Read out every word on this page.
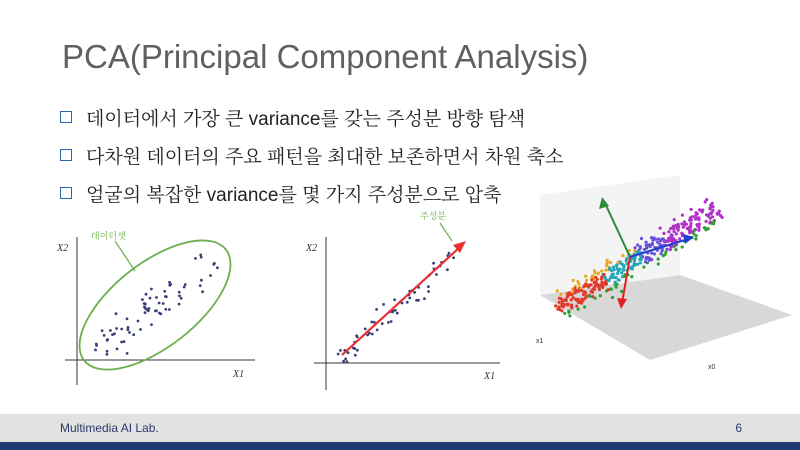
PCA(Principal Component Analysis)
데이터에서 가장 큰 variance를 갖는 주성분 방향 탐색
다차원 데이터의 주요 패턴을 최대한 보존하면서 차원 축소
얼굴의 복잡한 variance를 몇 가지 주성분으로 압축
X2
X1
데이터셋
X2
X1
주성분
x1
x0
Multimedia AI Lab.	6
